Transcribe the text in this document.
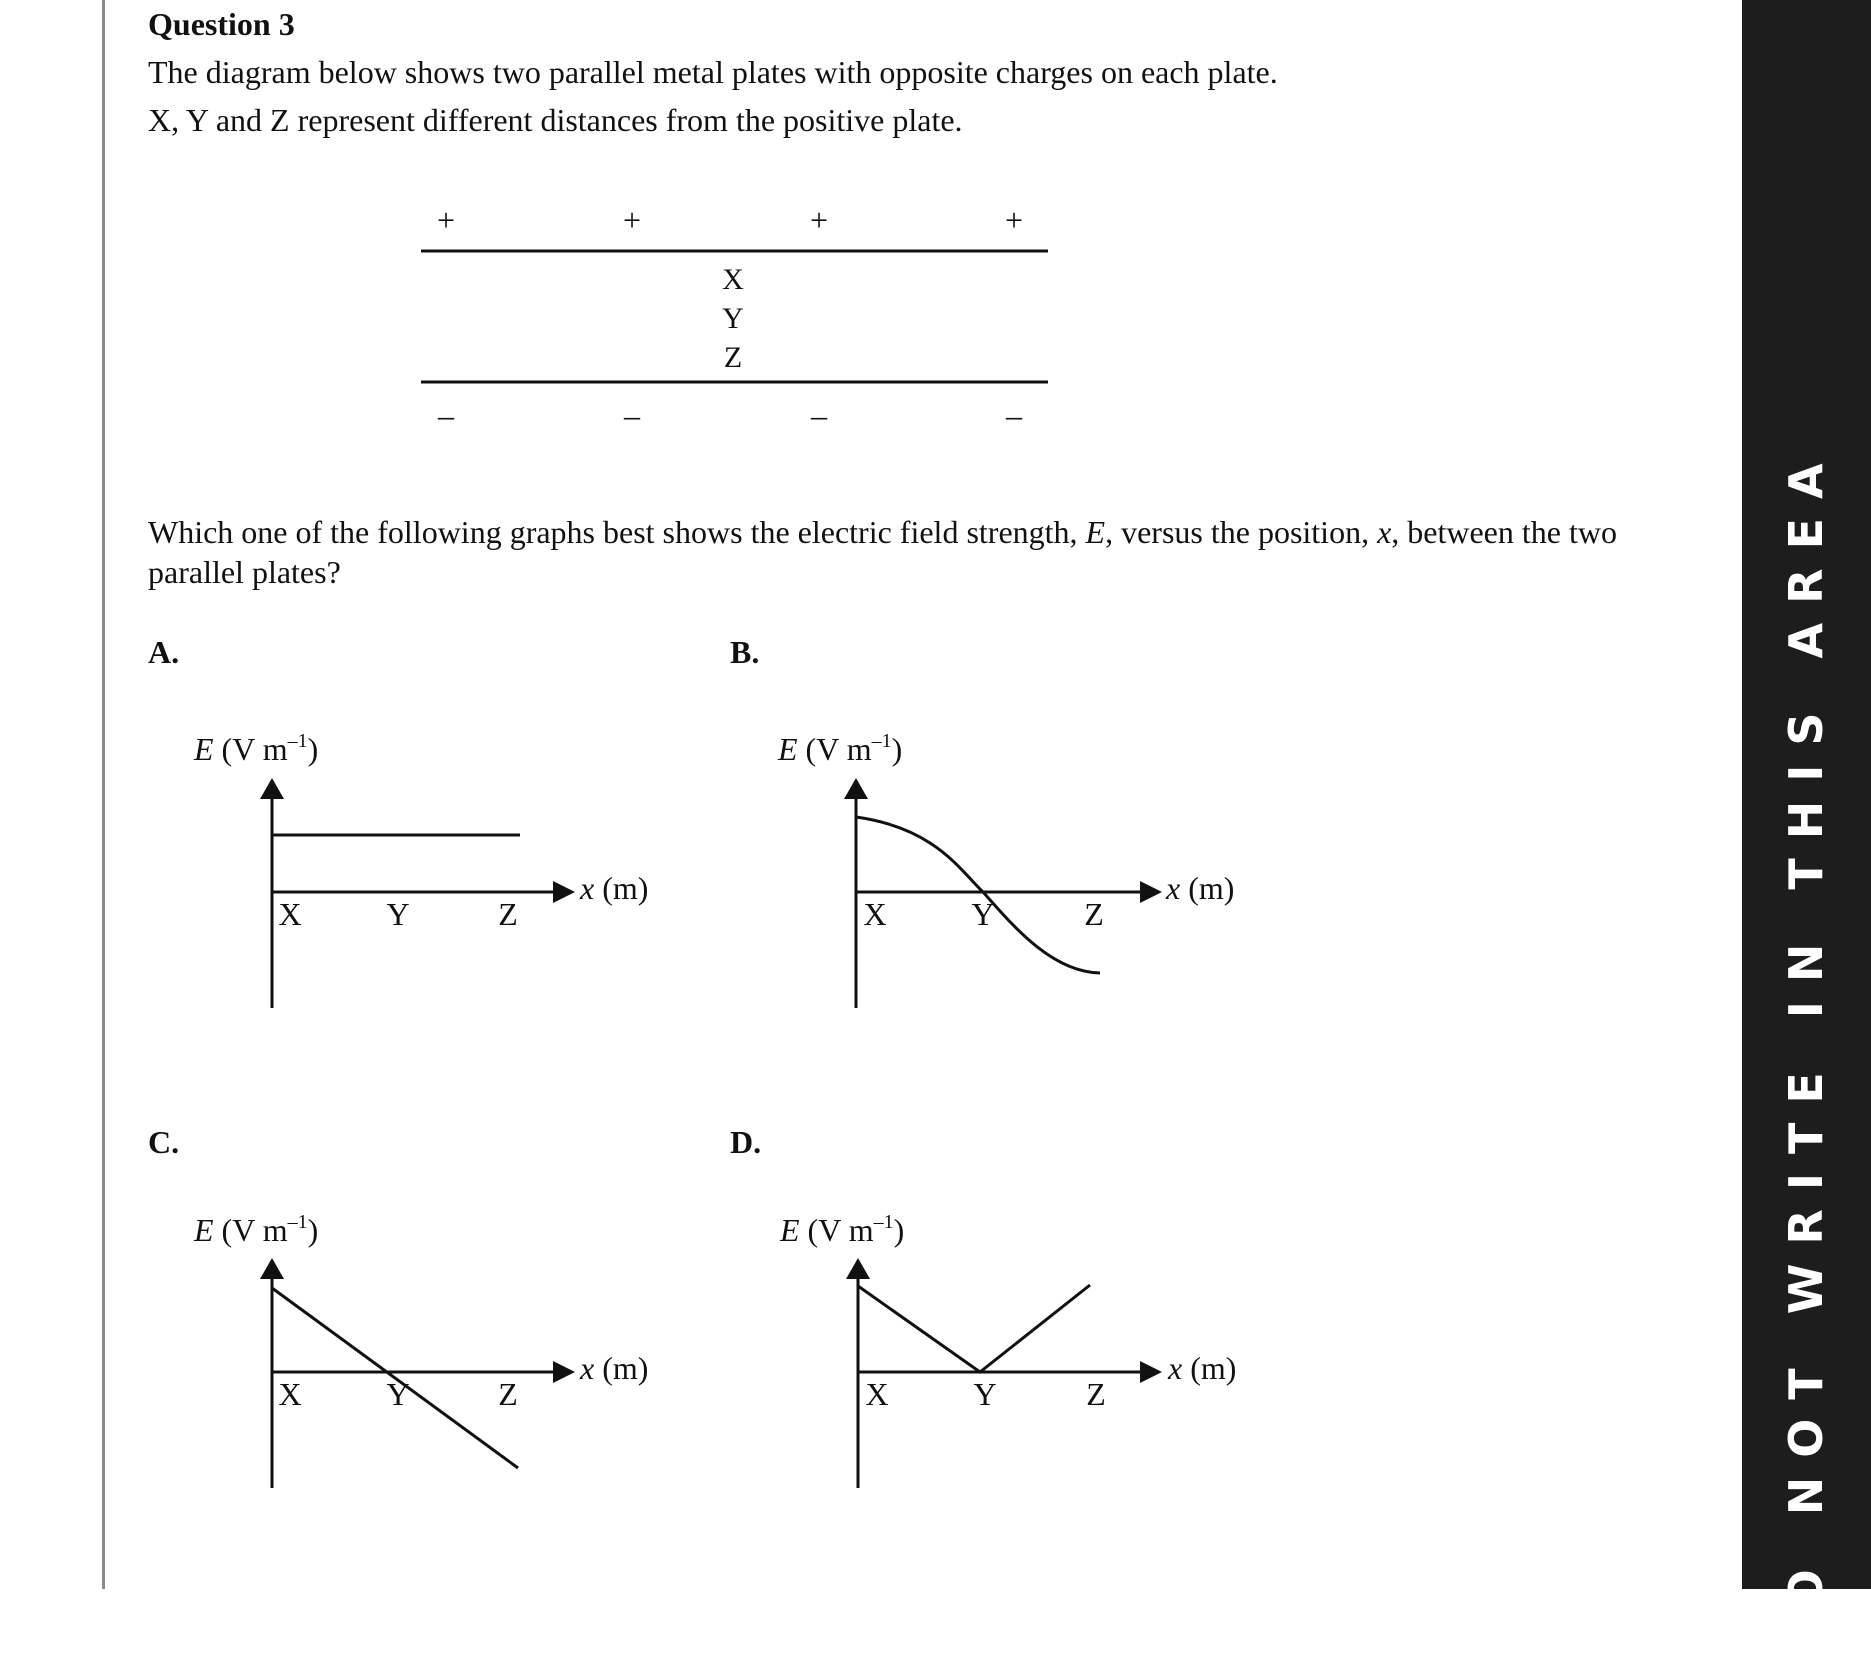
DO NOT WRITE IN THIS AREA
Question 3
The diagram below shows two parallel metal plates with opposite charges on each plate.
X, Y and Z represent different distances from the positive plate.
+	+	+	+
X
Y
Z
–	–	–	–
Which one of the following graphs best shows the electric field strength, E, versus the position, x, between the two parallel plates?
A.	B.
C.	D.
E (V $m^{-1}$)
x (m)
X	Y	Z
E (V $m^{-1}$)
x (m)
X	Y	Z
E (V $m^{-1}$)
x (m)
X	Y	Z
E (V $m^{-1}$)
x (m)
X	Y	Z
